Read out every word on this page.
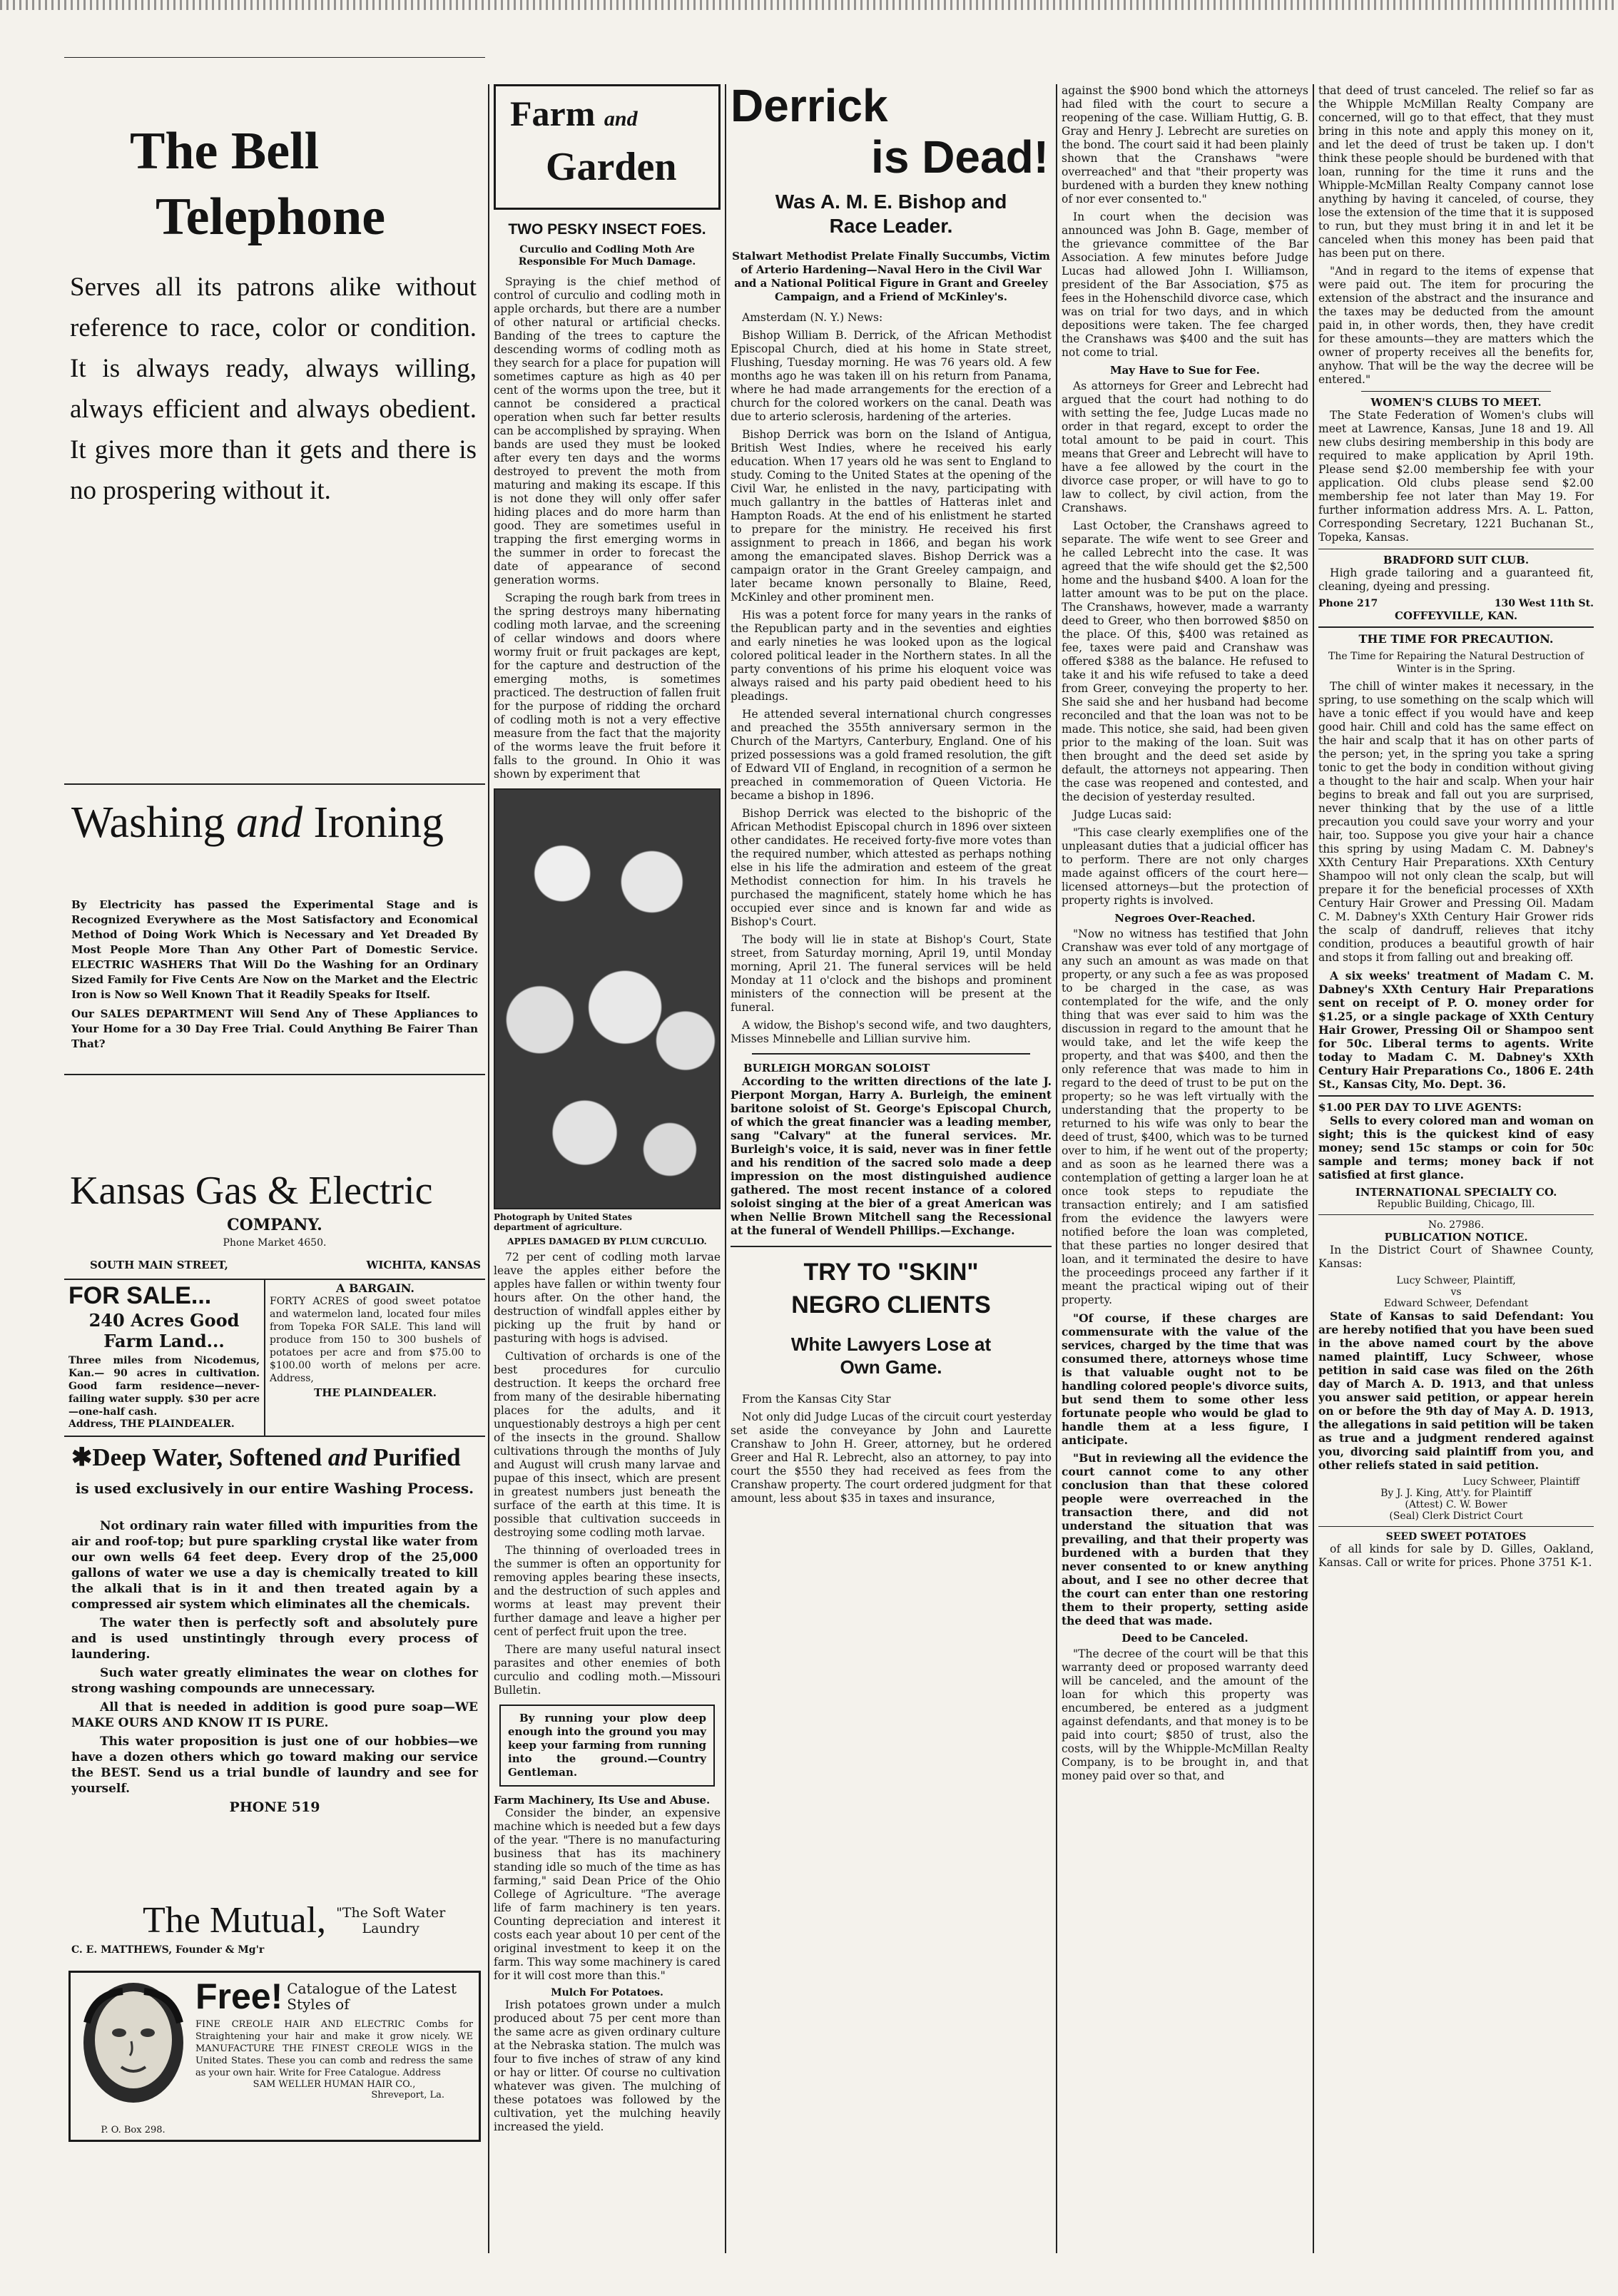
The Bell
Telephone
Serves all its patrons alike without reference to race, color or condition. It is always ready, always willing, always efficient and always obedient. It gives more than it gets and there is no prospering without it.
Washing and Ironing

By Electricity has passed the Experimental Stage and is Recognized Everywhere as the Most Satisfactory and Economical Method of Doing Work Which is Necessary and Yet Dreaded By Most People More Than Any Other Part of Domestic Service. ELECTRIC WASHERS That Will Do the Washing for an Ordinary Sized Family for Five Cents Are Now on the Market and the Electric Iron is Now so Well Known That it Readily Speaks for Itself.

Our SALES DEPARTMENT Will Send Any of These Appliances to Your Home for a 30 Day Free Trial. Could Anything Be Fairer Than That?

Kansas Gas & Electric
COMPANY.
Phone Market 4650.
SOUTH MAIN STREET,	WICHITA, KANSAS
FOR SALE...
240 Acres Good
Farm Land...
Three miles from Nicodemus, Kan.— 90 acres in cultivation. Good farm residence—never-failing water supply. $30 per acre—one-half cash.
Address, THE PLAINDEALER.
A BARGAIN.
FORTY ACRES of good sweet potatoe and watermelon land, located four miles from Topeka FOR SALE. This land will produce from 150 to 300 bushels of potatoes per acre and from $75.00 to $100.00 worth of melons per acre. Address,
THE PLAINDEALER.
✱Deep Water, Softened and Purified
is used exclusively in our entire Washing Process.

Not ordinary rain water filled with impurities from the air and roof-top; but pure sparkling crystal like water from our own wells 64 feet deep. Every drop of the 25,000 gallons of water we use a day is chemically treated to kill the alkali that is in it and then treated again by a compressed air system which eliminates all the chemicals.

The water then is perfectly soft and absolutely pure and is used unstintingly through every process of laundering.

Such water greatly eliminates the wear on clothes for strong washing compounds are unnecessary.

All that is needed in addition is good pure soap—WE MAKE OURS AND KNOW IT IS PURE.

This water proposition is just one of our hobbies—we have a dozen others which go toward making our service the BEST. Send us a trial bundle of laundry and see for yourself.

PHONE 519
The Mutual, "The Soft Water
Laundry
C. E. MATTHEWS, Founder & Mg'r
P. O. Box 298.
Free! Catalogue of the Latest Styles of
FINE CREOLE HAIR AND ELECTRIC Combs for Straightening your hair and make it grow nicely. WE MANUFACTURE THE FINEST CREOLE WIGS in the United States. These you can comb and redress the same as your own hair. Write for Free Catalogue. Address
SAM WELLER HUMAN HAIR CO.,
Shreveport, La.
Farm and
Garden
TWO PESKY INSECT FOES.
Curculio and Codling Moth Are Responsible For Much Damage.

Spraying is the chief method of control of curculio and codling moth in apple orchards, but there are a number of other natural or artificial checks. Banding of the trees to capture the descending worms of codling moth as they search for a place for pupation will sometimes capture as high as 40 per cent of the worms upon the tree, but it cannot be considered a practical operation when such far better results can be accomplished by spraying. When bands are used they must be looked after every ten days and the worms destroyed to prevent the moth from maturing and making its escape. If this is not done they will only offer safer hiding places and do more harm than good. They are sometimes useful in trapping the first emerging worms in the summer in order to forecast the date of appearance of second generation worms.

Scraping the rough bark from trees in the spring destroys many hibernating codling moth larvae, and the screening of cellar windows and doors where wormy fruit or fruit packages are kept, for the capture and destruction of the emerging moths, is sometimes practiced. The destruction of fallen fruit for the purpose of ridding the orchard of codling moth is not a very effective measure from the fact that the majority of the worms leave the fruit before it falls to the ground. In Ohio it was shown by experiment that

Photograph by United States department of agriculture.
APPLES DAMAGED BY PLUM CURCULIO.

72 per cent of codling moth larvae leave the apples either before the apples have fallen or within twenty four hours after. On the other hand, the destruction of windfall apples either by picking up the fruit by hand or pasturing with hogs is advised.

Cultivation of orchards is one of the best procedures for curculio destruction. It keeps the orchard free from many of the desirable hibernating places for the adults, and it unquestionably destroys a high per cent of the insects in the ground. Shallow cultivations through the months of July and August will crush many larvae and pupae of this insect, which are present in greatest numbers just beneath the surface of the earth at this time. It is possible that cultivation succeeds in destroying some codling moth larvae.

The thinning of overloaded trees in the summer is often an opportunity for removing apples bearing these insects, and the destruction of such apples and worms at least may prevent their further damage and leave a higher per cent of perfect fruit upon the tree.

There are many useful natural insect parasites and other enemies of both curculio and codling moth.—Missouri Bulletin.

By running your plow deep enough into the ground you may keep your farming from running into the ground.—Country Gentleman.
Farm Machinery, Its Use and Abuse.

Consider the binder, an expensive machine which is needed but a few days of the year. "There is no manufacturing business that has its machinery standing idle so much of the time as has farming," said Dean Price of the Ohio College of Agriculture. "The average life of farm machinery is ten years. Counting depreciation and interest it costs each year about 10 per cent of the original investment to keep it on the farm. This way some machinery is cared for it will cost more than this."

Mulch For Potatoes.

Irish potatoes grown under a mulch produced about 75 per cent more than the same acre as given ordinary culture at the Nebraska station. The mulch was four to five inches of straw of any kind or hay or litter. Of course no cultivation whatever was given. The mulching of these potatoes was followed by the cultivation, yet the mulching heavily increased the yield.

Derrick
is Dead!
Was A. M. E. Bishop and
Race Leader.
Stalwart Methodist Prelate Finally Succumbs, Victim of Arterio Hardening—Naval Hero in the Civil War and a National Political Figure in Grant and Greeley Campaign, and a Friend of McKinley's.

Amsterdam (N. Y.) News:

Bishop William B. Derrick, of the African Methodist Episcopal Church, died at his home in State street, Flushing, Tuesday morning. He was 76 years old. A few months ago he was taken ill on his return from Panama, where he had made arrangements for the erection of a church for the colored workers on the canal. Death was due to arterio sclerosis, hardening of the arteries.

Bishop Derrick was born on the Island of Antigua, British West Indies, where he received his early education. When 17 years old he was sent to England to study. Coming to the United States at the opening of the Civil War, he enlisted in the navy, participating with much gallantry in the battles of Hatteras inlet and Hampton Roads. At the end of his enlistment he started to prepare for the ministry. He received his first assignment to preach in 1866, and began his work among the emancipated slaves. Bishop Derrick was a campaign orator in the Grant Greeley campaign, and later became known personally to Blaine, Reed, McKinley and other prominent men.

His was a potent force for many years in the ranks of the Republican party and in the seventies and eighties and early nineties he was looked upon as the logical colored political leader in the Northern states. In all the party conventions of his prime his eloquent voice was always raised and his party paid obedient heed to his pleadings.

He attended several international church congresses and preached the 355th anniversary sermon in the Church of the Martyrs, Canterbury, England. One of his prized possessions was a gold framed resolution, the gift of Edward VII of England, in recognition of a sermon he preached in commemoration of Queen Victoria. He became a bishop in 1896.

Bishop Derrick was elected to the bishopric of the African Methodist Episcopal church in 1896 over sixteen other candidates. He received forty-five more votes than the required number, which attested as perhaps nothing else in his life the admiration and esteem of the great Methodist connection for him. In his travels he purchased the magnificent, stately home which he has occupied ever since and is known far and wide as Bishop's Court.

The body will lie in state at Bishop's Court, State street, from Saturday morning, April 19, until Monday morning, April 21. The funeral services will be held Monday at 11 o'clock and the bishops and prominent ministers of the connection will be present at the funeral.

A widow, the Bishop's second wife, and two daughters, Misses Minnebelle and Lillian survive him.

BURLEIGH MORGAN SOLOIST

According to the written directions of the late J. Pierpont Morgan, Harry A. Burleigh, the eminent baritone soloist of St. George's Episcopal Church, of which the great financier was a leading member, sang "Calvary" at the funeral services. Mr. Burleigh's voice, it is said, never was in finer fettle and his rendition of the sacred solo made a deep impression on the most distinguished audience gathered. The most recent instance of a colored soloist singing at the bier of a great American was when Nellie Brown Mitchell sang the Recessional at the funeral of Wendell Phillips.—Exchange.

TRY TO "SKIN"
NEGRO CLIENTS
White Lawyers Lose at
Own Game.

From the Kansas City Star

Not only did Judge Lucas of the circuit court yesterday set aside the conveyance by John and Laurette Cranshaw to John H. Greer, attorney, but he ordered Greer and Hal R. Lebrecht, also an attorney, to pay into court the $550 they had received as fees from the Cranshaw property. The court ordered judgment for that amount, less about $35 in taxes and insurance,

against the $900 bond which the attorneys had filed with the court to secure a reopening of the case. William Huttig, G. B. Gray and Henry J. Lebrecht are sureties on the bond. The court said it had been plainly shown that the Cranshaws "were overreached" and that "their property was burdened with a burden they knew nothing of nor ever consented to."

In court when the decision was announced was John B. Gage, member of the grievance committee of the Bar Association. A few minutes before Judge Lucas had allowed John I. Williamson, president of the Bar Association, $75 as fees in the Hohenschild divorce case, which was on trial for two days, and in which depositions were taken. The fee charged the Cranshaws was $400 and the suit has not come to trial.

May Have to Sue for Fee.

As attorneys for Greer and Lebrecht had argued that the court had nothing to do with setting the fee, Judge Lucas made no order in that regard, except to order the total amount to be paid in court. This means that Greer and Lebrecht will have to have a fee allowed by the court in the divorce case proper, or will have to go to law to collect, by civil action, from the Cranshaws.

Last October, the Cranshaws agreed to separate. The wife went to see Greer and he called Lebrecht into the case. It was agreed that the wife should get the $2,500 home and the husband $400. A loan for the latter amount was to be put on the place. The Cranshaws, however, made a warranty deed to Greer, who then borrowed $850 on the place. Of this, $400 was retained as fee, taxes were paid and Cranshaw was offered $388 as the balance. He refused to take it and his wife refused to take a deed from Greer, conveying the property to her. She said she and her husband had become reconciled and that the loan was not to be made. This notice, she said, had been given prior to the making of the loan. Suit was then brought and the deed set aside by default, the attorneys not appearing. Then the case was reopened and contested, and the decision of yesterday resulted.

Judge Lucas said:

"This case clearly exemplifies one of the unpleasant duties that a judicial officer has to perform. There are not only charges made against officers of the court here—licensed attorneys—but the protection of property rights is involved.

Negroes Over-Reached.

"Now no witness has testified that John Cranshaw was ever told of any mortgage of any such an amount as was made on that property, or any such a fee as was proposed to be charged in the case, as was contemplated for the wife, and the only thing that was ever said to him was the discussion in regard to the amount that he would take, and let the wife keep the property, and that was $400, and then the only reference that was made to him in regard to the deed of trust to be put on the property; so he was left virtually with the understanding that the property to be returned to his wife was only to bear the deed of trust, $400, which was to be turned over to him, if he went out of the property; and as soon as he learned there was a contemplation of getting a larger loan he at once took steps to repudiate the transaction entirely; and I am satisfied from the evidence the lawyers were notified before the loan was completed, that these parties no longer desired that loan, and it terminated the desire to have the proceedings proceed any farther if it meant the practical wiping out of their property.

"Of course, if these charges are commensurate with the value of the services, charged by the time that was consumed there, attorneys whose time is that valuable ought not to be handling colored people's divorce suits, but send them to some other less fortunate people who would be glad to handle them at a less figure, I anticipate.

"But in reviewing all the evidence the court cannot come to any other conclusion than that these colored people were overreached in the transaction there, and did not understand the situation that was prevailing, and that their property was burdened with a burden that they never consented to or knew anything about, and I see no other decree that the court can enter than one restoring them to their property, setting aside the deed that was made.

Deed to be Canceled.

"The decree of the court will be that this warranty deed or proposed warranty deed will be canceled, and the amount of the loan for which this property was encumbered, be entered as a judgment against defendants, and that money is to be paid into court; $850 of trust, also the costs, will by the Whipple-McMillan Realty Company, is to be brought in, and that money paid over so that, and

that deed of trust canceled. The relief so far as the Whipple McMillan Realty Company are concerned, will go to that effect, that they must bring in this note and apply this money on it, and let the deed of trust be taken up. I don't think these people should be burdened with that loan, running for the time it runs and the Whipple-McMillan Realty Company cannot lose anything by having it canceled, of course, they lose the extension of the time that it is supposed to run, but they must bring it in and let it be canceled when this money has been paid that has been put on there.

"And in regard to the items of expense that were paid out. The item for procuring the extension of the abstract and the insurance and the taxes may be deducted from the amount paid in, in other words, then, they have credit for these amounts—they are matters which the owner of property receives all the benefits for, anyhow. That will be the way the decree will be entered."

WOMEN'S CLUBS TO MEET.

The State Federation of Women's clubs will meet at Lawrence, Kansas, June 18 and 19. All new clubs desiring membership in this body are required to make application by April 19th. Please send $2.00 membership fee with your application. Old clubs please send $2.00 membership fee not later than May 19. For further information address Mrs. A. L. Patton, Corresponding Secretary, 1221 Buchanan St., Topeka, Kansas.

BRADFORD SUIT CLUB.

High grade tailoring and a guaranteed fit, cleaning, dyeing and pressing.

Phone 217	130 West 11th St.
COFFEYVILLE, KAN.
THE TIME FOR PRECAUTION.
The Time for Repairing the Natural Destruction of Winter is in the Spring.

The chill of winter makes it necessary, in the spring, to use something on the scalp which will have a tonic effect if you would have and keep good hair. Chill and cold has the same effect on the hair and scalp that it has on other parts of the person; yet, in the spring you take a spring tonic to get the body in condition without giving a thought to the hair and scalp. When your hair begins to break and fall out you are surprised, never thinking that by the use of a little precaution you could save your worry and your hair, too. Suppose you give your hair a chance this spring by using Madam C. M. Dabney's XXth Century Hair Preparations. XXth Century Shampoo will not only clean the scalp, but will prepare it for the beneficial processes of XXth Century Hair Grower and Pressing Oil. Madam C. M. Dabney's XXth Century Hair Grower rids the scalp of dandruff, relieves that itchy condition, produces a beautiful growth of hair and stops it from falling out and breaking off.

A six weeks' treatment of Madam C. M. Dabney's XXth Century Hair Preparations sent on receipt of P. O. money order for $1.25, or a single package of XXth Century Hair Grower, Pressing Oil or Shampoo sent for 50c. Liberal terms to agents. Write today to Madam C. M. Dabney's XXth Century Hair Preparations Co., 1806 E. 24th St., Kansas City, Mo. Dept. 36.

$1.00 PER DAY TO LIVE AGENTS:

Sells to every colored man and woman on sight; this is the quickest kind of easy money; send 15c stamps or coin for 50c sample and terms; money back if not satisfied at first glance.

INTERNATIONAL SPECIALTY CO.
Republic Building, Chicago, Ill.
No. 27986.
PUBLICATION NOTICE.

In the District Court of Shawnee County, Kansas:

Lucy Schweer, Plaintiff,
vs
Edward Schweer, Defendant

State of Kansas to said Defendant: You are hereby notified that you have been sued in the above named court by the above named plaintiff, Lucy Schweer, whose petition in said case was filed on the 26th day of March A. D. 1913, and that unless you answer said petition, or appear herein on or before the 9th day of May A. D. 1913, the allegations in said petition will be taken as true and a judgment rendered against you, divorcing said plaintiff from you, and other reliefs stated in said petition.

Lucy Schweer, Plaintiff
By J. J. King, Att'y. for Plaintiff
(Attest) C. W. Bower
(Seal) Clerk District Court
SEED SWEET POTATOES

of all kinds for sale by D. Gilles, Oakland, Kansas. Call or write for prices. Phone 3751 K-1.
